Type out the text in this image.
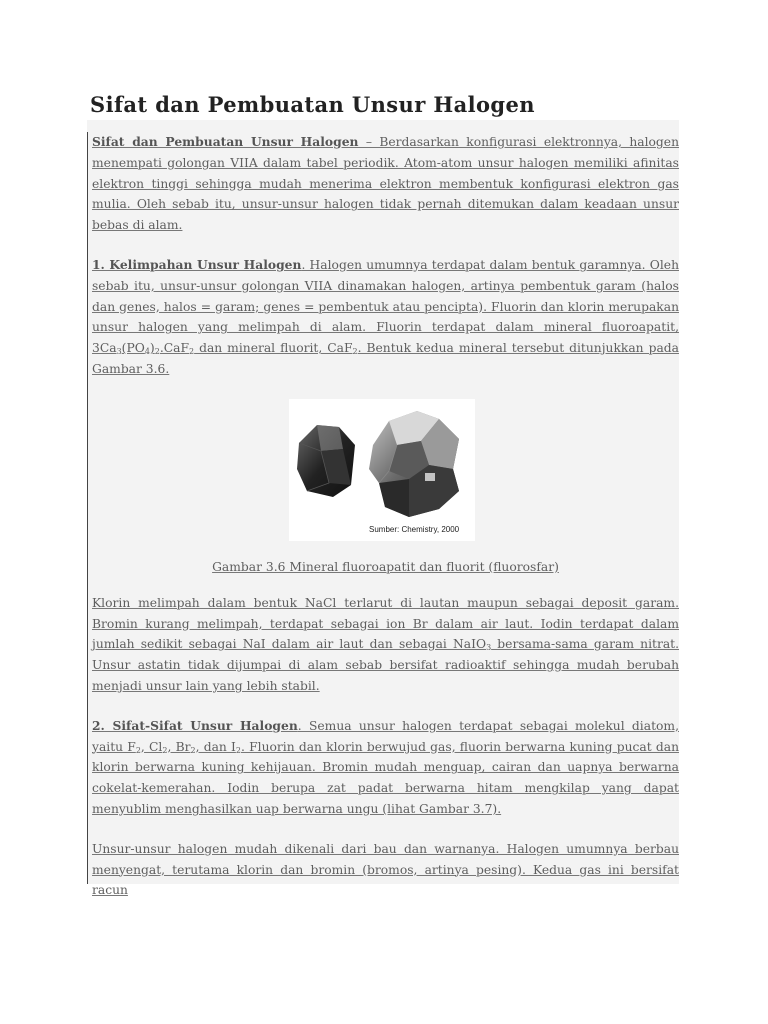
Sifat dan Pembuatan Unsur Halogen

Sifat dan Pembuatan Unsur Halogen – Berdasarkan konfigurasi elektronnya, halogen menempati golongan VIIA dalam tabel periodik. Atom-atom unsur halogen memiliki afinitas elektron tinggi sehingga mudah menerima elektron membentuk konfigurasi elektron gas mulia. Oleh sebab itu, unsur-unsur halogen tidak pernah ditemukan dalam keadaan unsur bebas di alam.

1. Kelimpahan Unsur Halogen. Halogen umumnya terdapat dalam bentuk garamnya. Oleh sebab itu, unsur-unsur golongan VIIA dinamakan halogen, artinya pembentuk garam (halos dan genes, halos = garam; genes = pembentuk atau pencipta). Fluorin dan klorin merupakan unsur halogen yang melimpah di alam. Fluorin terdapat dalam mineral fluoroapatit, $3Ca_3(PO_4)_2.CaF_2$ dan mineral fluorit, CaF$_2$. Bentuk kedua mineral tersebut ditunjukkan pada Gambar 3.6.

Sumber: Chemistry, 2000

Gambar 3.6 Mineral fluoroapatit dan fluorit (fluorosfar)

Klorin melimpah dalam bentuk NaCl terlarut di lautan maupun sebagai deposit garam. Bromin kurang melimpah, terdapat sebagai ion Br dalam air laut. Iodin terdapat dalam jumlah sedikit sebagai NaI dalam air laut dan sebagai NaIO$_3$ bersama-sama garam nitrat. Unsur astatin tidak dijumpai di alam sebab bersifat radioaktif sehingga mudah berubah menjadi unsur lain yang lebih stabil.

2. Sifat-Sifat Unsur Halogen. Semua unsur halogen terdapat sebagai molekul diatom, yaitu $F_2$, $Cl_2$, $Br_2$, dan $I_2$. Fluorin dan klorin berwujud gas, fluorin berwarna kuning pucat dan klorin berwarna kuning kehijauan. Bromin mudah menguap, cairan dan uapnya berwarna cokelat-kemerahan. Iodin berupa zat padat berwarna hitam mengkilap yang dapat menyublim menghasilkan uap berwarna ungu (lihat Gambar 3.7).

Unsur-unsur halogen mudah dikenali dari bau dan warnanya. Halogen umumnya berbau menyengat, terutama klorin dan bromin (bromos, artinya pesing). Kedua gas ini bersifat racun
